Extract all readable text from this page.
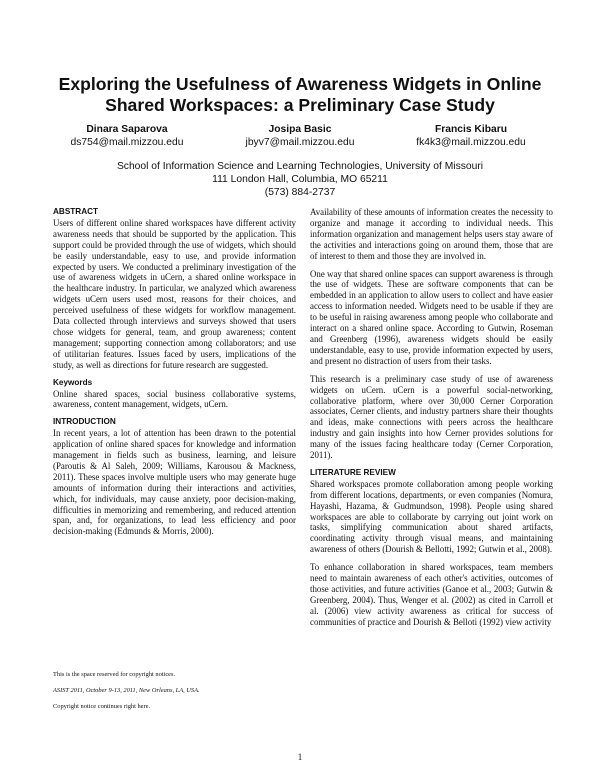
Exploring the Usefulness of Awareness Widgets in Online Shared Workspaces: a Preliminary Case Study
Dinara Saparova
ds754@mail.mizzou.edu
Josipa Basic
jbyv7@mail.mizzou.edu
Francis Kibaru
fk4k3@mail.mizzou.edu
School of Information Science and Learning Technologies, University of Missouri
111 London Hall, Columbia, MO 65211
(573) 884-2737
ABSTRACT

Users of different online shared workspaces have different activity awareness needs that should be supported by the application. This support could be provided through the use of widgets, which should be easily understandable, easy to use, and provide information expected by users. We conducted a preliminary investigation of the use of awareness widgets in uCern, a shared online workspace in the healthcare industry. In particular, we analyzed which awareness widgets uCern users used most, reasons for their choices, and perceived usefulness of these widgets for workflow management. Data collected through interviews and surveys showed that users chose widgets for general, team, and group awareness; content management; supporting connection among collaborators; and use of utilitarian features. Issues faced by users, implications of the study, as well as directions for future research are suggested.

Keywords

Online shared spaces, social business collaborative systems, awareness, content management, widgets, uCern.

INTRODUCTION

In recent years, a lot of attention has been drawn to the potential application of online shared spaces for knowledge and information management in fields such as business, learning, and leisure (Paroutis & Al Saleh, 2009; Williams, Karousou & Mackness, 2011). These spaces involve multiple users who may generate huge amounts of information during their interactions and activities, which, for individuals, may cause anxiety, poor decision-making, difficulties in memorizing and remembering, and reduced attention span, and, for organizations, to lead less efficiency and poor decision-making (Edmunds & Morris, 2000).

This is the space reserved for copyright notices.
ASIST 2011, October 9-13, 2011, New Orleans, LA, USA.
Copyright notice continues right here.

Availability of these amounts of information creates the necessity to organize and manage it according to individual needs. This information organization and management helps users stay aware of the activities and interactions going on around them, those that are of interest to them and those they are involved in.

One way that shared online spaces can support awareness is through the use of widgets. These are software components that can be embedded in an application to allow users to collect and have easier access to information needed. Widgets need to be usable if they are to be useful in raising awareness among people who collaborate and interact on a shared online space. According to Gutwin, Roseman and Greenberg (1996), awareness widgets should be easily understandable, easy to use, provide information expected by users, and present no distraction of users from their tasks.

This research is a preliminary case study of use of awareness widgets on uCern. uCern is a powerful social-networking, collaborative platform, where over 30,000 Cerner Corporation associates, Cerner clients, and industry partners share their thoughts and ideas, make connections with peers across the healthcare industry and gain insights into how Cerner provides solutions for many of the issues facing healthcare today (Cerner Corporation, 2011).

LITERATURE REVIEW

Shared workspaces promote collaboration among people working from different locations, departments, or even companies (Nomura, Hayashi, Hazama, & Gudmundson, 1998). People using shared workspaces are able to collaborate by carrying out joint work on tasks, simplifying communication about shared artifacts, coordinating activity through visual means, and maintaining awareness of others (Dourish & Bellotti, 1992; Gutwin et al., 2008).

To enhance collaboration in shared workspaces, team members need to maintain awareness of each other's activities, outcomes of those activities, and future activities (Ganoe et al., 2003; Gutwin & Greenberg, 2004). Thus, Wenger et al. (2002) as cited in Carroll et al. (2006) view activity awareness as critical for success of communities of practice and Dourish & Belloti (1992) view activity

1
